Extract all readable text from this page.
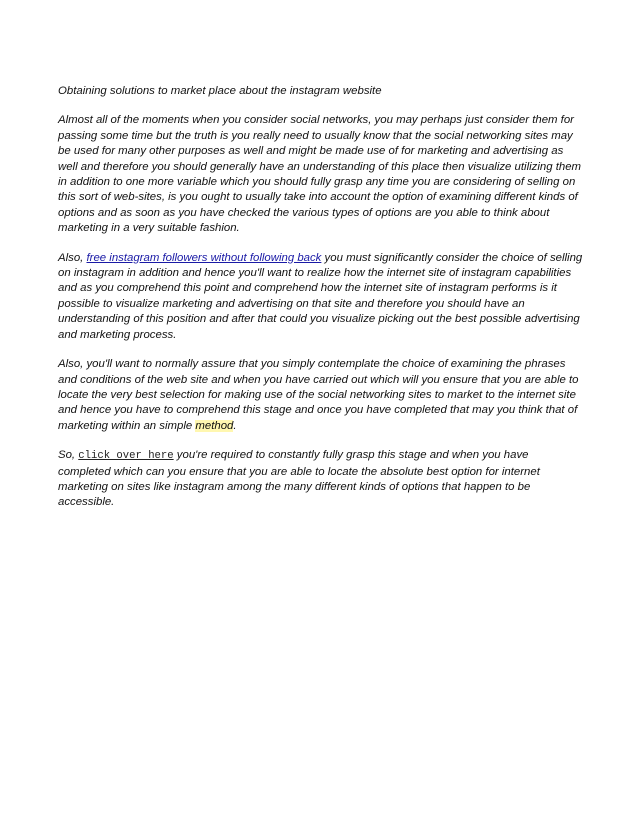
Obtaining solutions to market place about the instagram website

Almost all of the moments when you consider social networks, you may perhaps just consider them for passing some time but the truth is you really need to usually know that the social networking sites may be used for many other purposes as well and might be made use of for marketing and advertising as well and therefore you should generally have an understanding of this place then visualize utilizing them in addition to one more variable which you should fully grasp any time you are considering of selling on this sort of web-sites, is you ought to usually take into account the option of examining different kinds of options and as soon as you have checked the various types of options are you able to think about marketing in a very suitable fashion.

Also, free instagram followers without following back you must significantly consider the choice of selling on instagram in addition and hence you'll want to realize how the internet site of instagram capabilities and as you comprehend this point and comprehend how the internet site of instagram performs is it possible to visualize marketing and advertising on that site and therefore you should have an understanding of this position and after that could you visualize picking out the best possible advertising and marketing process.

Also, you'll want to normally assure that you simply contemplate the choice of examining the phrases and conditions of the web site and when you have carried out which will you ensure that you are able to locate the very best selection for making use of the social networking sites to market to the internet site and hence you have to comprehend this stage and once you have completed that may you think that of marketing within an simple method.

So, click over here you're required to constantly fully grasp this stage and when you have completed which can you ensure that you are able to locate the absolute best option for internet marketing on sites like instagram among the many different kinds of options that happen to be accessible.
